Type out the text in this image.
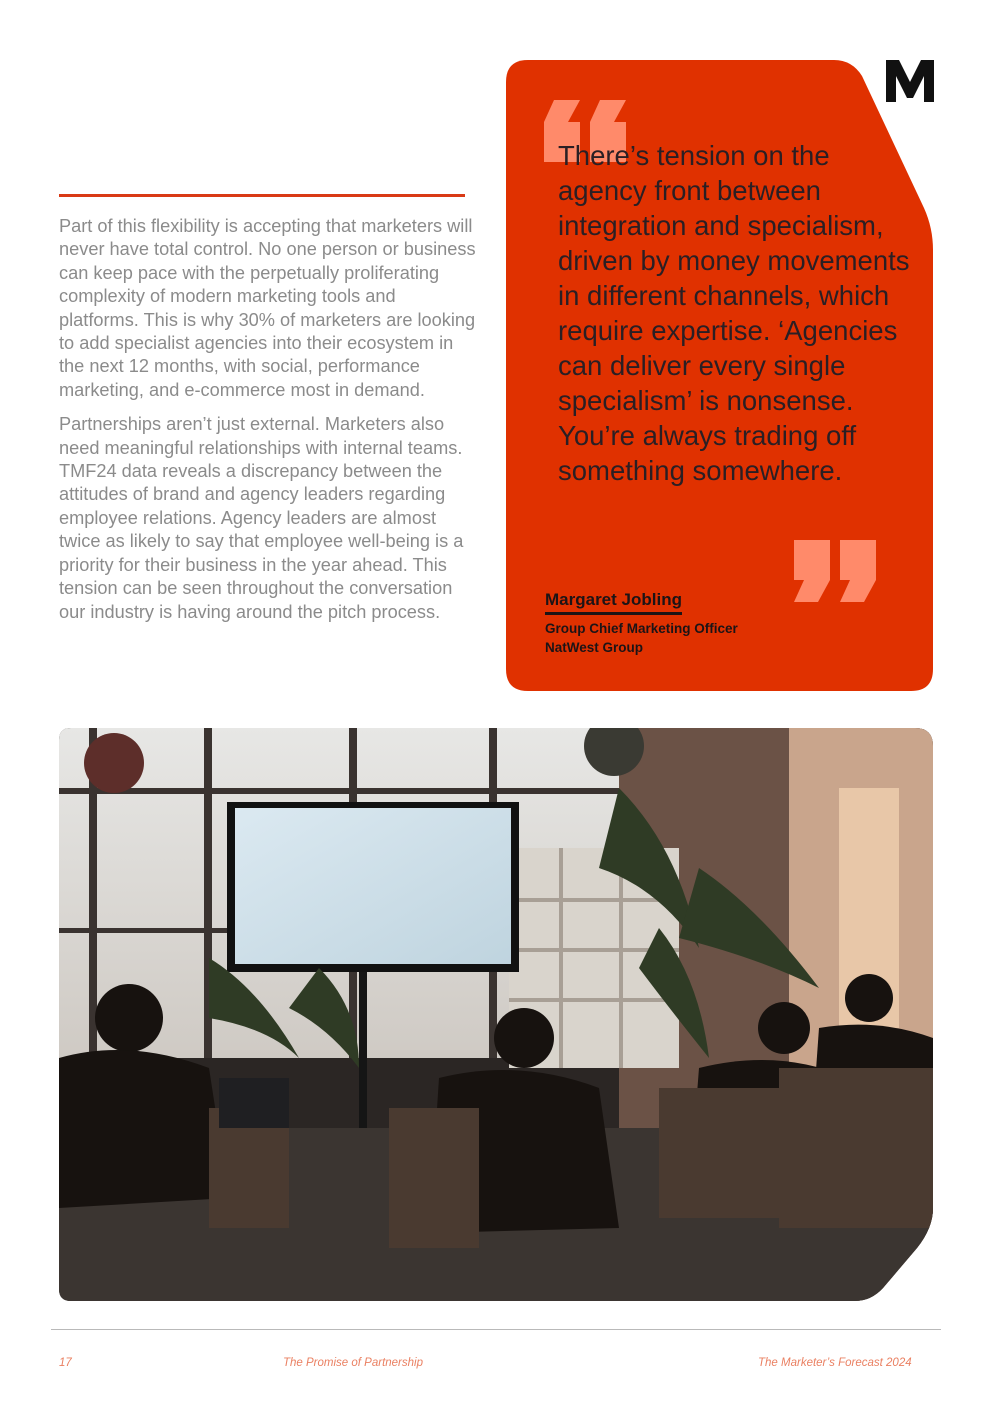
Part of this flexibility is accepting that marketers will never have total control. No one person or business can keep pace with the perpetually proliferating complexity of modern marketing tools and platforms. This is why 30% of marketers are looking to add specialist agencies into their ecosystem in the next 12 months, with social, performance marketing, and e-commerce most in demand.

Partnerships aren’t just external. Marketers also need meaningful relationships with internal teams. TMF24 data reveals a discrepancy between the attitudes of brand and agency leaders regarding employee relations. Agency leaders are almost twice as likely to say that employee well-being is a priority for their business in the year ahead. This tension can be seen throughout the conversation our industry is having around the pitch process.

There’s tension on the agency front between integration and specialism, driven by money movements in different channels, which require expertise. ‘Agencies can deliver every single specialism’ is nonsense. You’re always trading off something somewhere.

Margaret Jobling
Group Chief Marketing Officer
NatWest Group
17	The Promise of Partnership	The Marketer’s Forecast 2024
